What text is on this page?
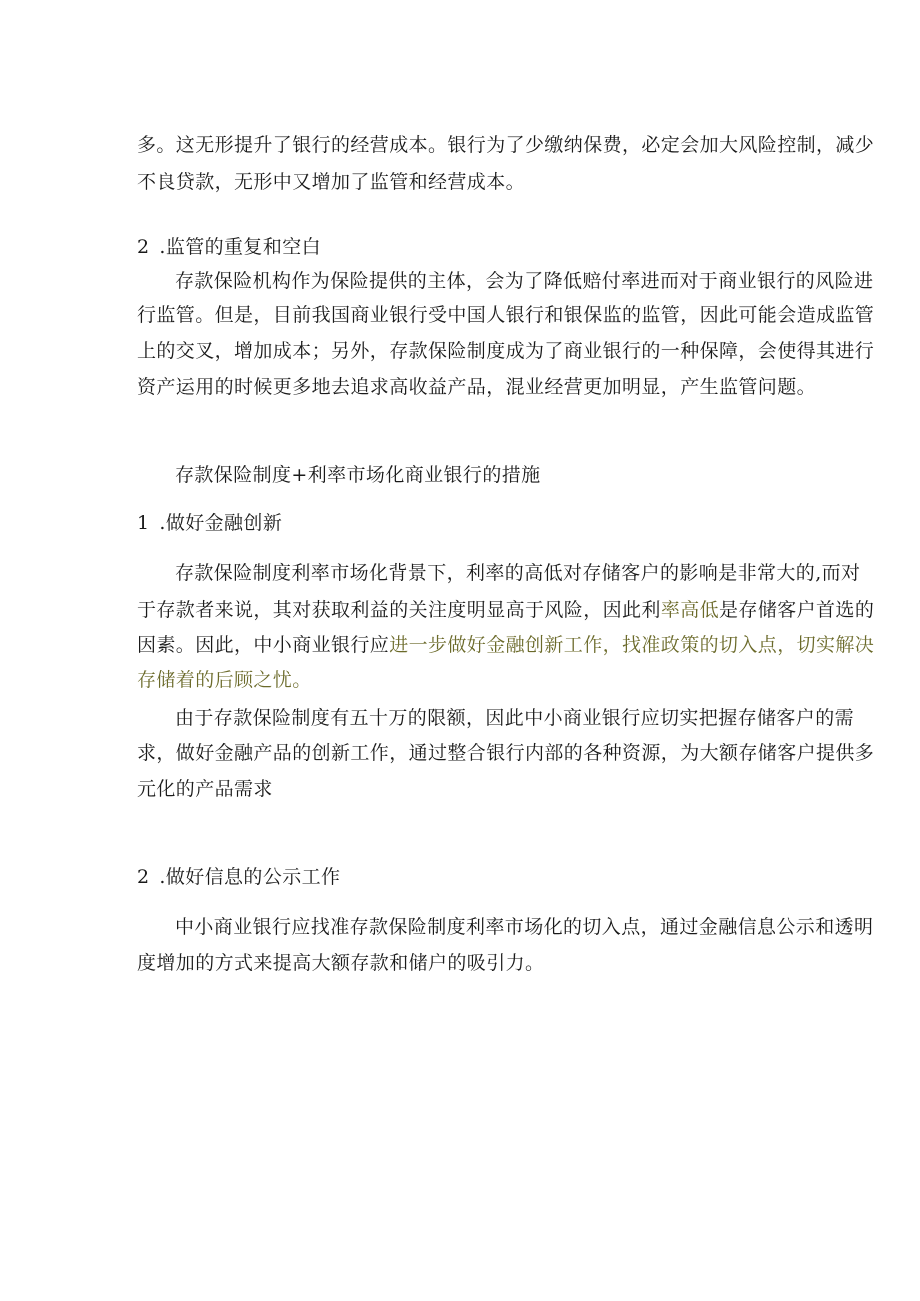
多。这无形提升了银行的经营成本。银行为了少缴纳保费，必定会加大风险控制，减少

不良贷款，无形中又增加了监管和经营成本。

2 .监管的重复和空白

存款保险机构作为保险提供的主体，会为了降低赔付率进而对于商业银行的风险进

行监管。但是，目前我国商业银行受中国人银行和银保监的监管，因此可能会造成监管

上的交叉，增加成本；另外，存款保险制度成为了商业银行的一种保障，会使得其进行

资产运用的时候更多地去追求高收益产品，混业经营更加明显，产生监管问题。

存款保险制度+利率市场化商业银行的措施

1 .做好金融创新

存款保险制度利率市场化背景下，利率的高低对存储客户的影响是非常大的,而对

于存款者来说，其对获取利益的关注度明显高于风险，因此利率高低是存储客户首选的

因素。因此，中小商业银行应进一步做好金融创新工作，找准政策的切入点，切实解决

存储着的后顾之忧。

由于存款保险制度有五十万的限额，因此中小商业银行应切实把握存储客户的需

求，做好金融产品的创新工作，通过整合银行内部的各种资源，为大额存储客户提供多

元化的产品需求

2 .做好信息的公示工作

中小商业银行应找准存款保险制度利率市场化的切入点，通过金融信息公示和透明

度增加的方式来提高大额存款和储户的吸引力。
